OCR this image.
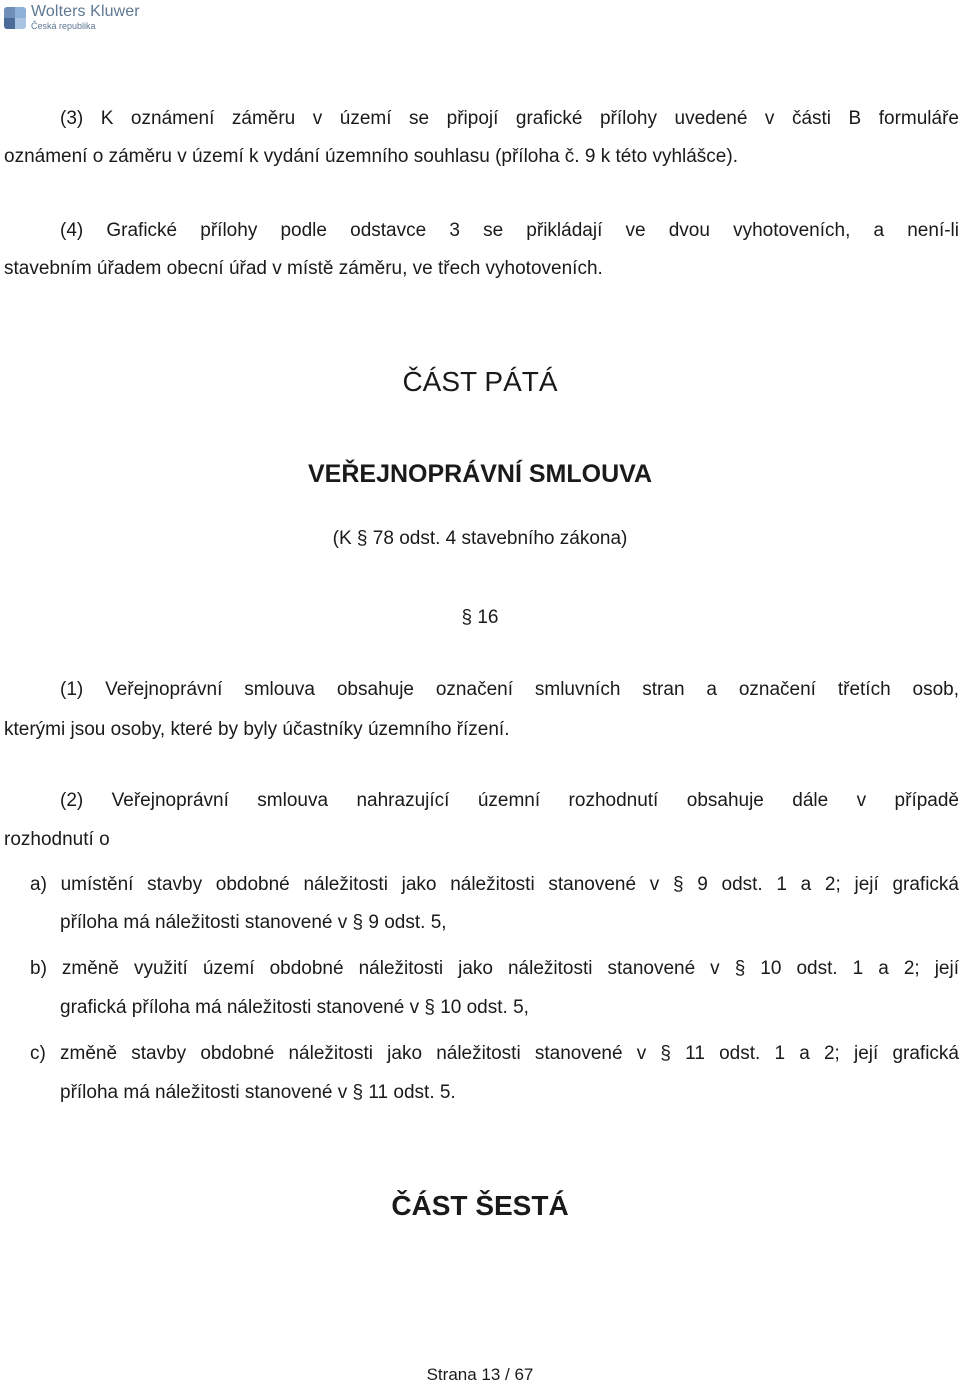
Wolters Kluwer
Česká republika
(3) K oznámení záměru v území se připojí grafické přílohy uvedené v části B formuláře
oznámení o záměru v území k vydání územního souhlasu (příloha č. 9 k této vyhlášce).
(4) Grafické přílohy podle odstavce 3 se přikládají ve dvou vyhotoveních, a není-li
stavebním úřadem obecní úřad v místě záměru, ve třech vyhotoveních.
ČÁST PÁTÁ
VEŘEJNOPRÁVNÍ SMLOUVA
(K § 78 odst. 4 stavebního zákona)
§ 16
(1) Veřejnoprávní smlouva obsahuje označení smluvních stran a označení třetích osob,
kterými jsou osoby, které by byly účastníky územního řízení.
(2) Veřejnoprávní smlouva nahrazující územní rozhodnutí obsahuje dále v případě
rozhodnutí o
a) umístění stavby obdobné náležitosti jako náležitosti stanovené v § 9 odst. 1 a 2; její grafická
příloha má náležitosti stanovené v § 9 odst. 5,
b) změně využití území obdobné náležitosti jako náležitosti stanovené v § 10 odst. 1 a 2; její
grafická příloha má náležitosti stanovené v § 10 odst. 5,
c) změně stavby obdobné náležitosti jako náležitosti stanovené v § 11 odst. 1 a 2; její grafická
příloha má náležitosti stanovené v § 11 odst. 5.
ČÁST ŠESTÁ
Strana 13 / 67
